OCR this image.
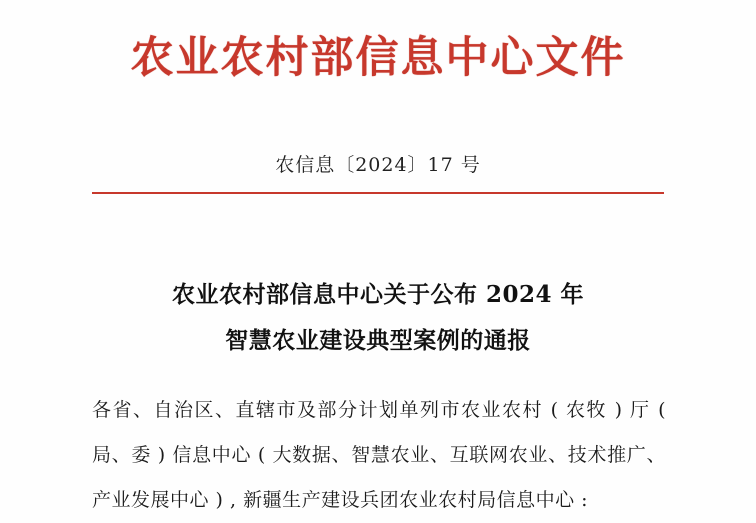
农业农村部信息中心文件
农信息〔2024〕17 号
农业农村部信息中心关于公布 2024 年
智慧农业建设典型案例的通报

各省、自治区、直辖市及部分计划单列市农业农村 ( 农牧 ) 厅 ( 局、委 ) 信息中心 ( 大数据、智慧农业、互联网农业、技术推广、产业发展中心 ) , 新疆生产建设兵团农业农村局信息中心 :
